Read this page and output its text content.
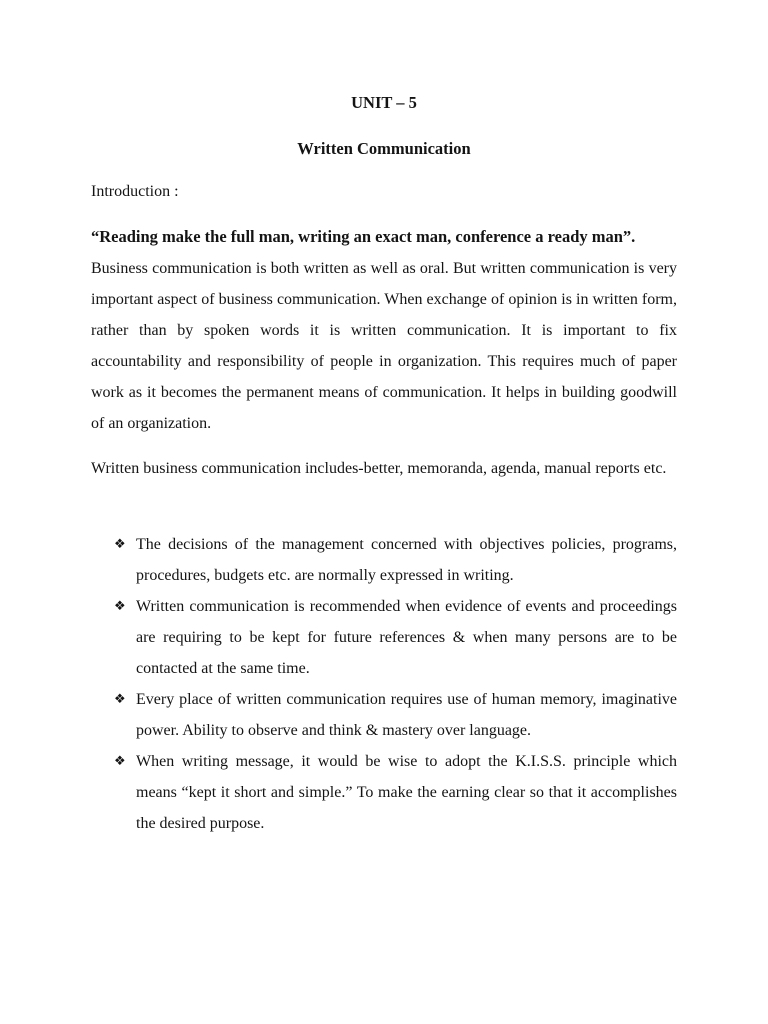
UNIT – 5
Written Communication
Introduction :
“Reading make the full man, writing an exact man, conference a ready man”.
Business communication is both written as well as oral. But written communication is very important aspect of business communication. When exchange of opinion is in written form, rather than by spoken words it is written communication. It is important to fix accountability and responsibility of people in organization. This requires much of paper work as it becomes the permanent means of communication. It helps in building goodwill of an organization.
Written business communication includes-better, memoranda, agenda, manual reports etc.
❖ The decisions of the management concerned with objectives policies, programs, procedures, budgets etc. are normally expressed in writing.
❖ Written communication is recommended when evidence of events and proceedings are requiring to be kept for future references & when many persons are to be contacted at the same time.
❖ Every place of written communication requires use of human memory, imaginative power. Ability to observe and think & mastery over language.
❖ When writing message, it would be wise to adopt the K.I.S.S. principle which means “kept it short and simple.” To make the earning clear so that it accomplishes the desired purpose.
